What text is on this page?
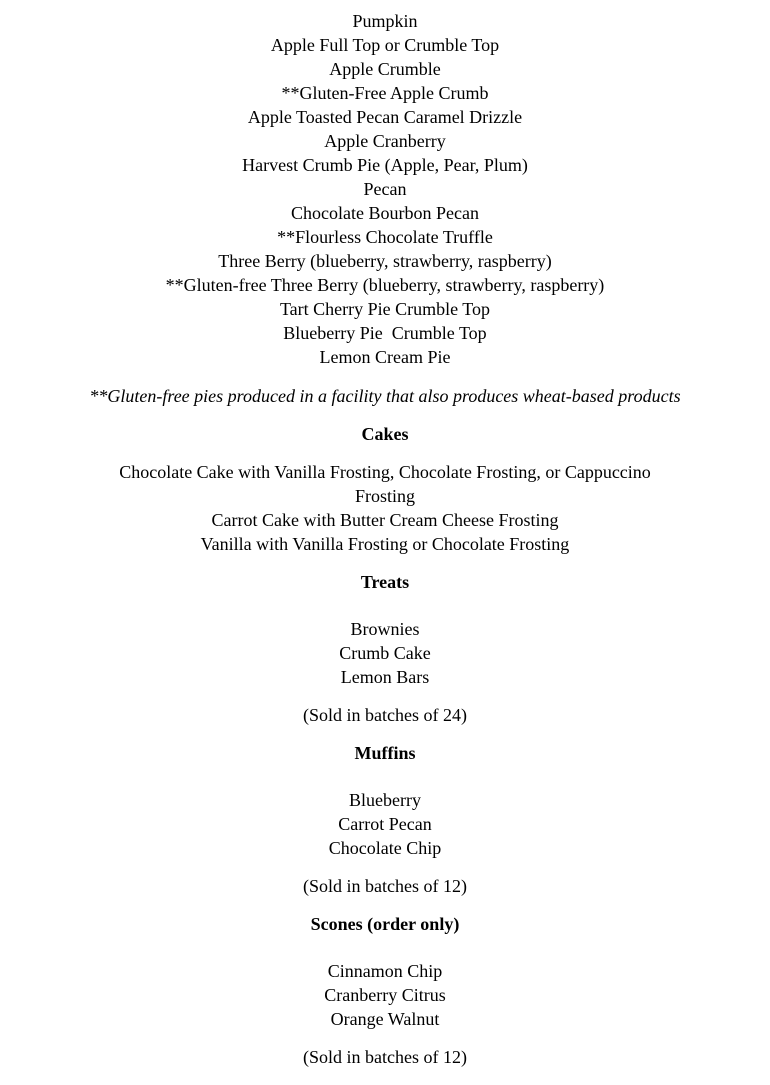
Pumpkin
Apple Full Top or Crumble Top
Apple Crumble
**Gluten-Free Apple Crumb
Apple Toasted Pecan Caramel Drizzle
Apple Cranberry
Harvest Crumb Pie (Apple, Pear, Plum)
Pecan
Chocolate Bourbon Pecan
**Flourless Chocolate Truffle
Three Berry (blueberry, strawberry, raspberry)
**Gluten-free Three Berry (blueberry, strawberry, raspberry)
Tart Cherry Pie Crumble Top
Blueberry Pie  Crumble Top
Lemon Cream Pie
**Gluten-free pies produced in a facility that also produces wheat-based products
Cakes
Chocolate Cake with Vanilla Frosting, Chocolate Frosting, or Cappuccino Frosting
Carrot Cake with Butter Cream Cheese Frosting
Vanilla with Vanilla Frosting or Chocolate Frosting
Treats
Brownies
Crumb Cake
Lemon Bars
(Sold in batches of 24)
Muffins
Blueberry
Carrot Pecan
Chocolate Chip
(Sold in batches of 12)
Scones (order only)
Cinnamon Chip
Cranberry Citrus
Orange Walnut
(Sold in batches of 12)
